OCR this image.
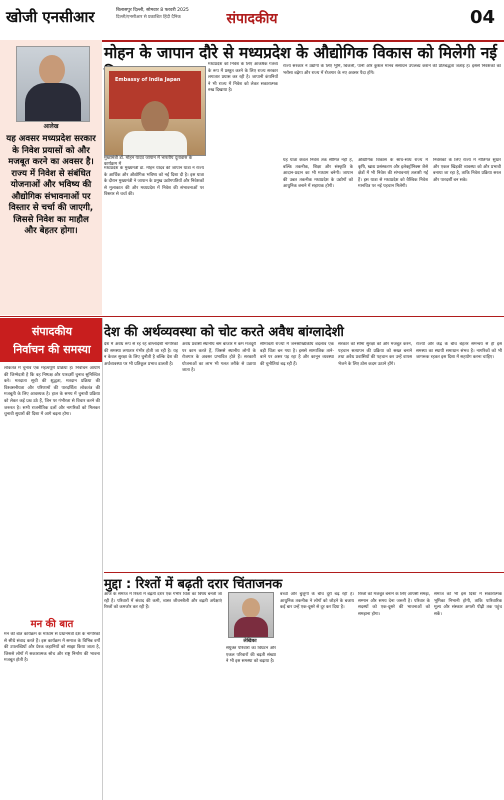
खोजी एनसीआर	बिलासपुर दिल्ली, सोमवार 8 फरवरी 2025
दिल्ली/एनसीआर से प्रकाशित हिंदी दैनिक	संपादकीय	04
आलेख
यह अवसर मध्यप्रदेश सरकार के निवेश प्रयासों को और मजबूत करने का अवसर है। राज्य में निवेश से संबंधित योजनाओं और भविष्य की औद्योगिक संभावनाओं पर विस्तार से चर्चा की जाएगी, जिससे निवेश का माहौल और बेहतर होगा।
मोहन के जापान दौरे से मध्यप्रदेश के औद्योगिक विकास को मिलेगी नई
Embassy of India Japan
मुख्यमंत्री डॉ. मोहन यादव जापान में भारतीय दूतावास के कार्यक्रम में
मध्यप्रदेश के मुख्यमंत्री डॉ. मोहन यादव की जापान यात्रा ने राज्य के आर्थिक और औद्योगिक भविष्य को नई दिशा दी है। इस यात्रा के दौरान मुख्यमंत्री ने जापान के प्रमुख उद्योगपतियों और निवेशकों से मुलाकात की और मध्यप्रदेश में निवेश की संभावनाओं पर विस्तार से चर्चा की।
मध्यप्रदेश को निवेश के लिए आकर्षक गंतव्य के रूप में प्रस्तुत करने के लिए राज्य सरकार लगातार प्रयास कर रही है। जापानी कंपनियों ने भी राज्य में निवेश को लेकर सकारात्मक रुख दिखाया है।
राज्य सरकार ने उद्योगों के लिए भूमि, बिजली, पानी और कुशल मानव संसाधन उपलब्ध कराने की प्रतिबद्धता जताई है। इससे निवेशकों का भरोसा बढ़ेगा और राज्य में रोजगार के नए अवसर पैदा होंगे।
यह यात्रा केवल निवेश तक सीमित नहीं है, बल्कि तकनीक, शिक्षा और संस्कृति के आदान-प्रदान का भी माध्यम बनेगी। जापान की उन्नत तकनीक मध्यप्रदेश के उद्योगों को आधुनिक बनाने में सहायक होगी।
औद्योगिक विकास के साथ-साथ राज्य में कृषि, खाद्य प्रसंस्करण और इलेक्ट्रॉनिक्स जैसे क्षेत्रों में भी निवेश की संभावनाएं तलाशी गई हैं। इस यात्रा से मध्यप्रदेश को वैश्विक निवेश मानचित्र पर नई पहचान मिलेगी।
निवेशकों के लिए राज्य में नीतिगत सुधार और एकल खिड़की व्यवस्था को और प्रभावी बनाया जा रहा है, ताकि निवेश प्रक्रिया सरल और पारदर्शी बन सके।
संपादकीय
निर्वाचन की समस्या
लोकतंत्र में चुनाव एक महत्वपूर्ण प्रक्रिया है। निर्वाचन आयोग की जिम्मेदारी है कि वह निष्पक्ष और पारदर्शी चुनाव सुनिश्चित करे। मतदाता सूची की शुद्धता, मतदान प्रक्रिया की विश्वसनीयता और परिणामों की पारदर्शिता लोकतंत्र की मजबूती के लिए आवश्यक है। हाल के समय में चुनावी प्रक्रिया को लेकर कई प्रश्न उठे हैं, जिन पर गंभीरता से विचार करने की जरूरत है। सभी राजनीतिक दलों और नागरिकों को मिलकर चुनावी सुधारों की दिशा में आगे बढ़ना होगा।
मन की बात
मन की बात कार्यक्रम के माध्यम से प्रधानमंत्री देश के नागरिकों से सीधे संवाद करते हैं। इस कार्यक्रम में समाज के विभिन्न वर्गों की उपलब्धियों और प्रेरक कहानियों को साझा किया जाता है, जिससे लोगों में सकारात्मक सोच और राष्ट्र निर्माण की भावना मजबूत होती है।
देश की अर्थव्यवस्था को चोट करते अवैध बांग्लादेशी
देश में अवैध रूप से रह रहे बांग्लादेशी नागरिकों की समस्या लगातार गंभीर होती जा रही है। यह न केवल सुरक्षा के लिए चुनौती है बल्कि देश की अर्थव्यवस्था पर भी प्रतिकूल प्रभाव डालती है।
अवैध प्रवासी स्थानीय श्रम बाजार में कम मजदूरी पर काम करते हैं, जिससे स्थानीय लोगों के रोजगार के अवसर प्रभावित होते हैं। सरकारी योजनाओं का लाभ भी गलत तरीके से उठाया जाता है।
सीमावर्ती राज्यों में जनसांख्यिकीय बदलाव एक बड़ी चिंता बन गया है। इससे सामाजिक ताने-बाने पर असर पड़ रहा है और कानून व्यवस्था की चुनौतियां बढ़ रही हैं।
सरकार को सीमा सुरक्षा को और मजबूत करने, पहचान सत्यापन की प्रक्रिया को सख्त बनाने तथा अवैध प्रवासियों की पहचान कर उन्हें वापस भेजने के लिए ठोस कदम उठाने होंगे।
राज्यों और केंद्र के बीच बेहतर समन्वय से ही इस समस्या का स्थायी समाधान संभव है। नागरिकों को भी जागरूक रहकर इस दिशा में सहयोग करना चाहिए।
मुद्दा : रिश्तों में बढ़ती दरार चिंताजनक
लेखिका
आज के समाज में रिश्तों में बढ़ती दरार एक गंभीर चिंता का विषय बनती जा रही है। परिवारों में संवाद की कमी, व्यस्त जीवनशैली और बढ़ती अपेक्षाएं रिश्तों को कमजोर कर रही हैं।
संयुक्त परिवारों का विघटन और एकल परिवारों की बढ़ती संख्या ने भी इस समस्या को बढ़ाया है।
बच्चों और बुजुर्गों के बीच दूरी बढ़ रही है। आधुनिक तकनीक ने लोगों को जोड़ने के बजाय कई बार उन्हें एक-दूसरे से दूर कर दिया है।
रिश्तों को मजबूत बनाने के लिए आपसी समझ, सम्मान और समय देना जरूरी है। परिवार के सदस्यों को एक-दूसरे की भावनाओं को समझना होगा।
समाज को भी इस दिशा में सकारात्मक भूमिका निभानी होगी, ताकि पारिवारिक मूल्य और संस्कार अगली पीढ़ी तक पहुंच सकें।
